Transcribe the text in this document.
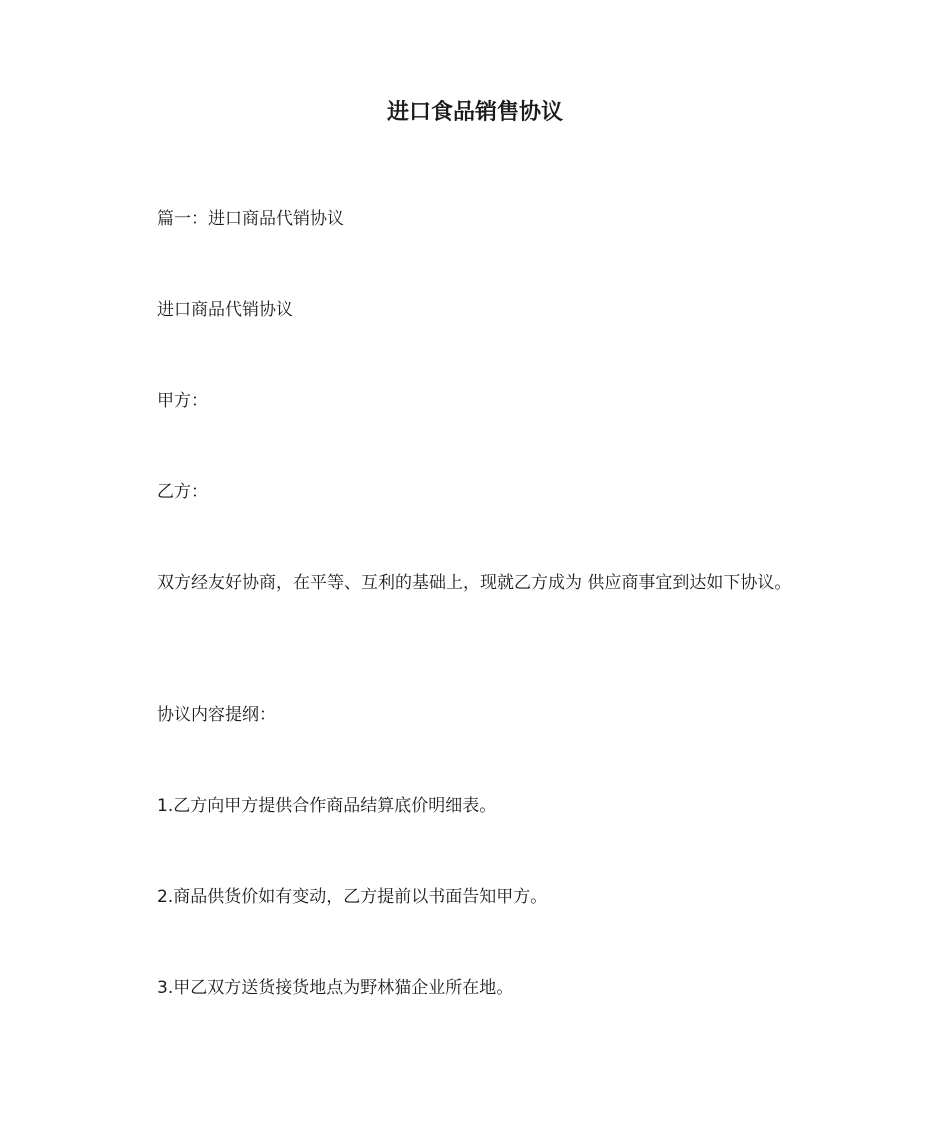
进口食品销售协议

篇一：进口商品代销协议

进口商品代销协议

甲方：

乙方：

双方经友好协商，在平等、互利的基础上，现就乙方成为 供应商事宜到达如下协议。

协议内容提纲：

1.乙方向甲方提供合作商品结算底价明细表。

2.商品供货价如有变动，乙方提前以书面告知甲方。

3.甲乙双方送货接货地点为野林猫企业所在地。
